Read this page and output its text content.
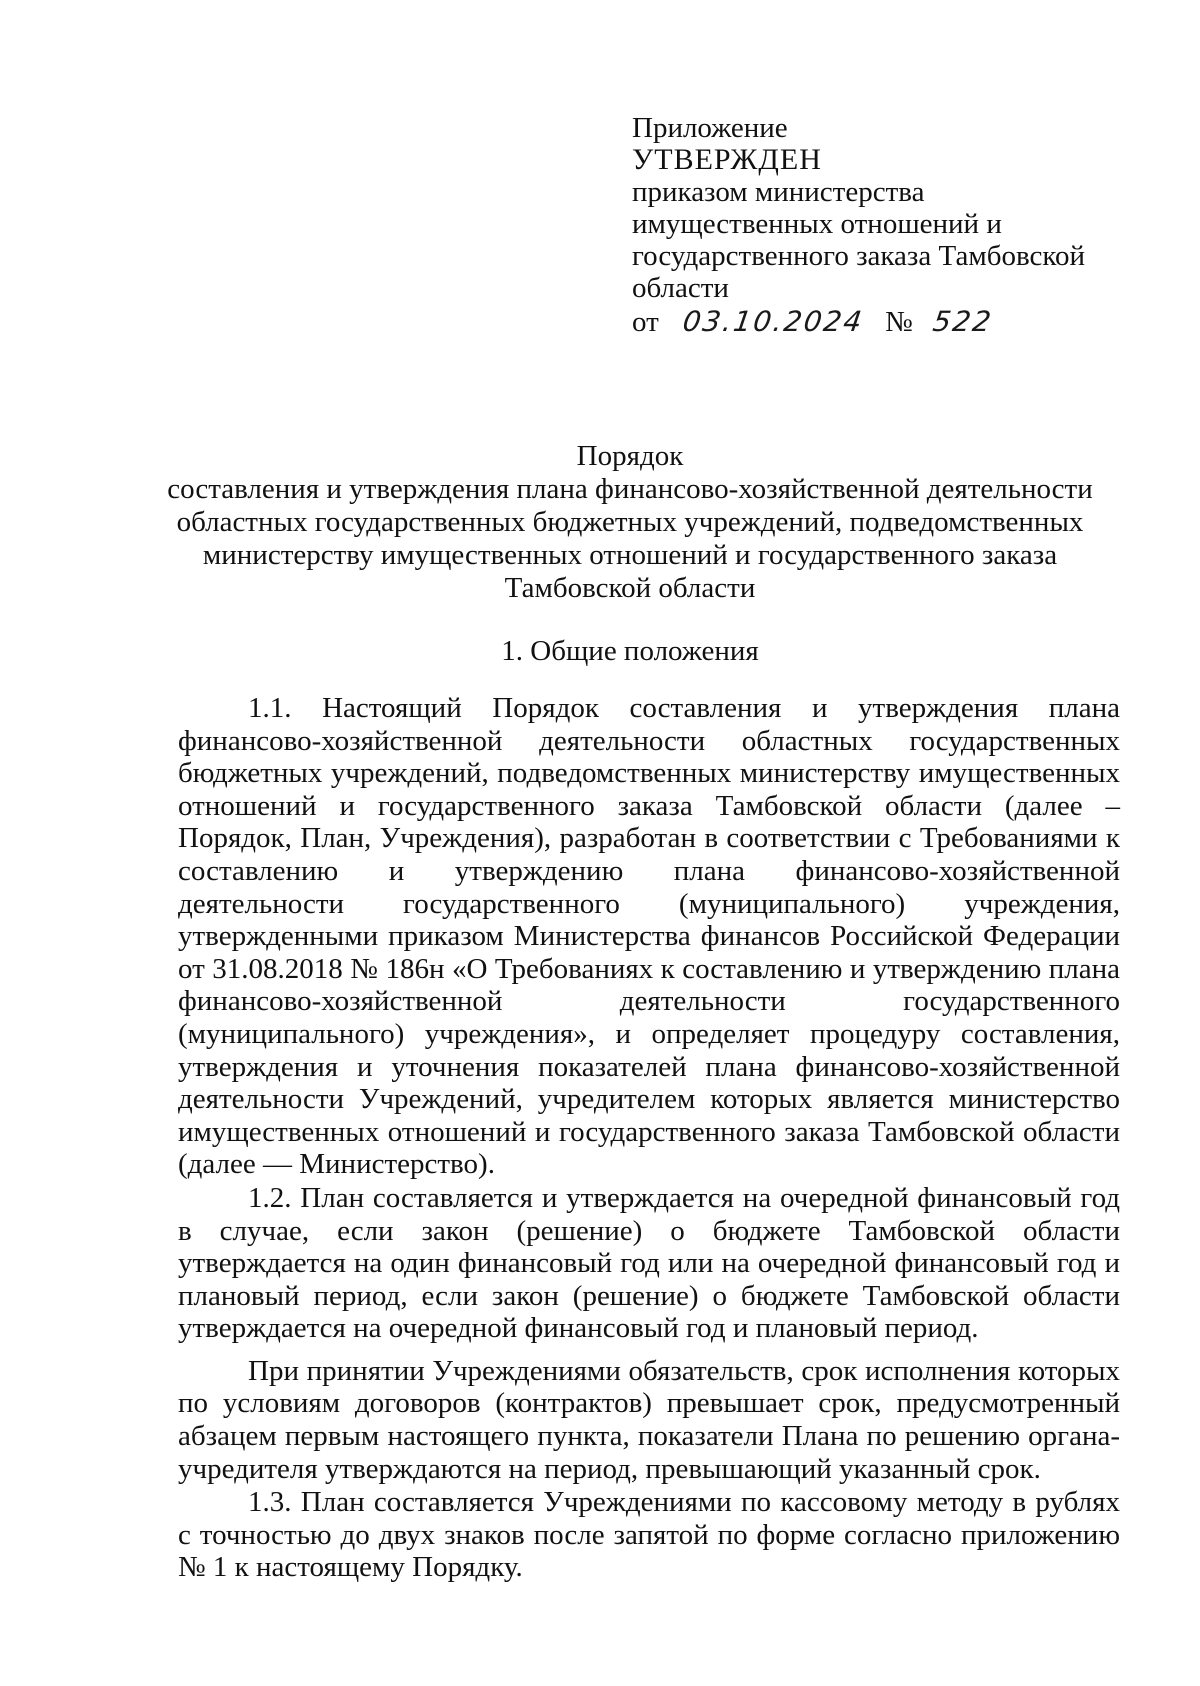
Приложение
УТВЕРЖДЕН
приказом министерства
имущественных отношений и
государственного заказа Тамбовской
области
от 03.10.2024 № 522
Порядок
составления и утверждения плана финансово-хозяйственной деятельности
областных государственных бюджетных учреждений, подведомственных
министерству имущественных отношений и государственного заказа
Тамбовской области
1. Общие положения

1.1. Настоящий Порядок составления и утверждения плана финансово-хозяйственной деятельности областных государственных бюджетных учреждений, подведомственных министерству имущественных отношений и государственного заказа Тамбовской области (далее – Порядок, План, Учреждения), разработан в соответствии с Требованиями к составлению и утверждению плана финансово-хозяйственной деятельности государственного (муниципального) учреждения, утвержденными приказом Министерства финансов Российской Федерации от 31.08.2018 № 186н «О Требованиях к составлению и утверждению плана финансово-хозяйственной деятельности государственного (муниципального) учреждения», и определяет процедуру составления, утверждения и уточнения показателей плана финансово-хозяйственной деятельности Учреждений, учредителем которых является министерство имущественных отношений и государственного заказа Тамбовской области (далее — Министерство).

1.2. План составляется и утверждается на очередной финансовый год в случае, если закон (решение) о бюджете Тамбовской области утверждается на один финансовый год или на очередной финансовый год и плановый период, если закон (решение) о бюджете Тамбовской области утверждается на очередной финансовый год и плановый период.

При принятии Учреждениями обязательств, срок исполнения которых по условиям договоров (контрактов) превышает срок, предусмотренный абзацем первым настоящего пункта, показатели Плана по решению органа-учредителя утверждаются на период, превышающий указанный срок.

1.3. План составляется Учреждениями по кассовому методу в рублях с точностью до двух знаков после запятой по форме согласно приложению № 1 к настоящему Порядку.
